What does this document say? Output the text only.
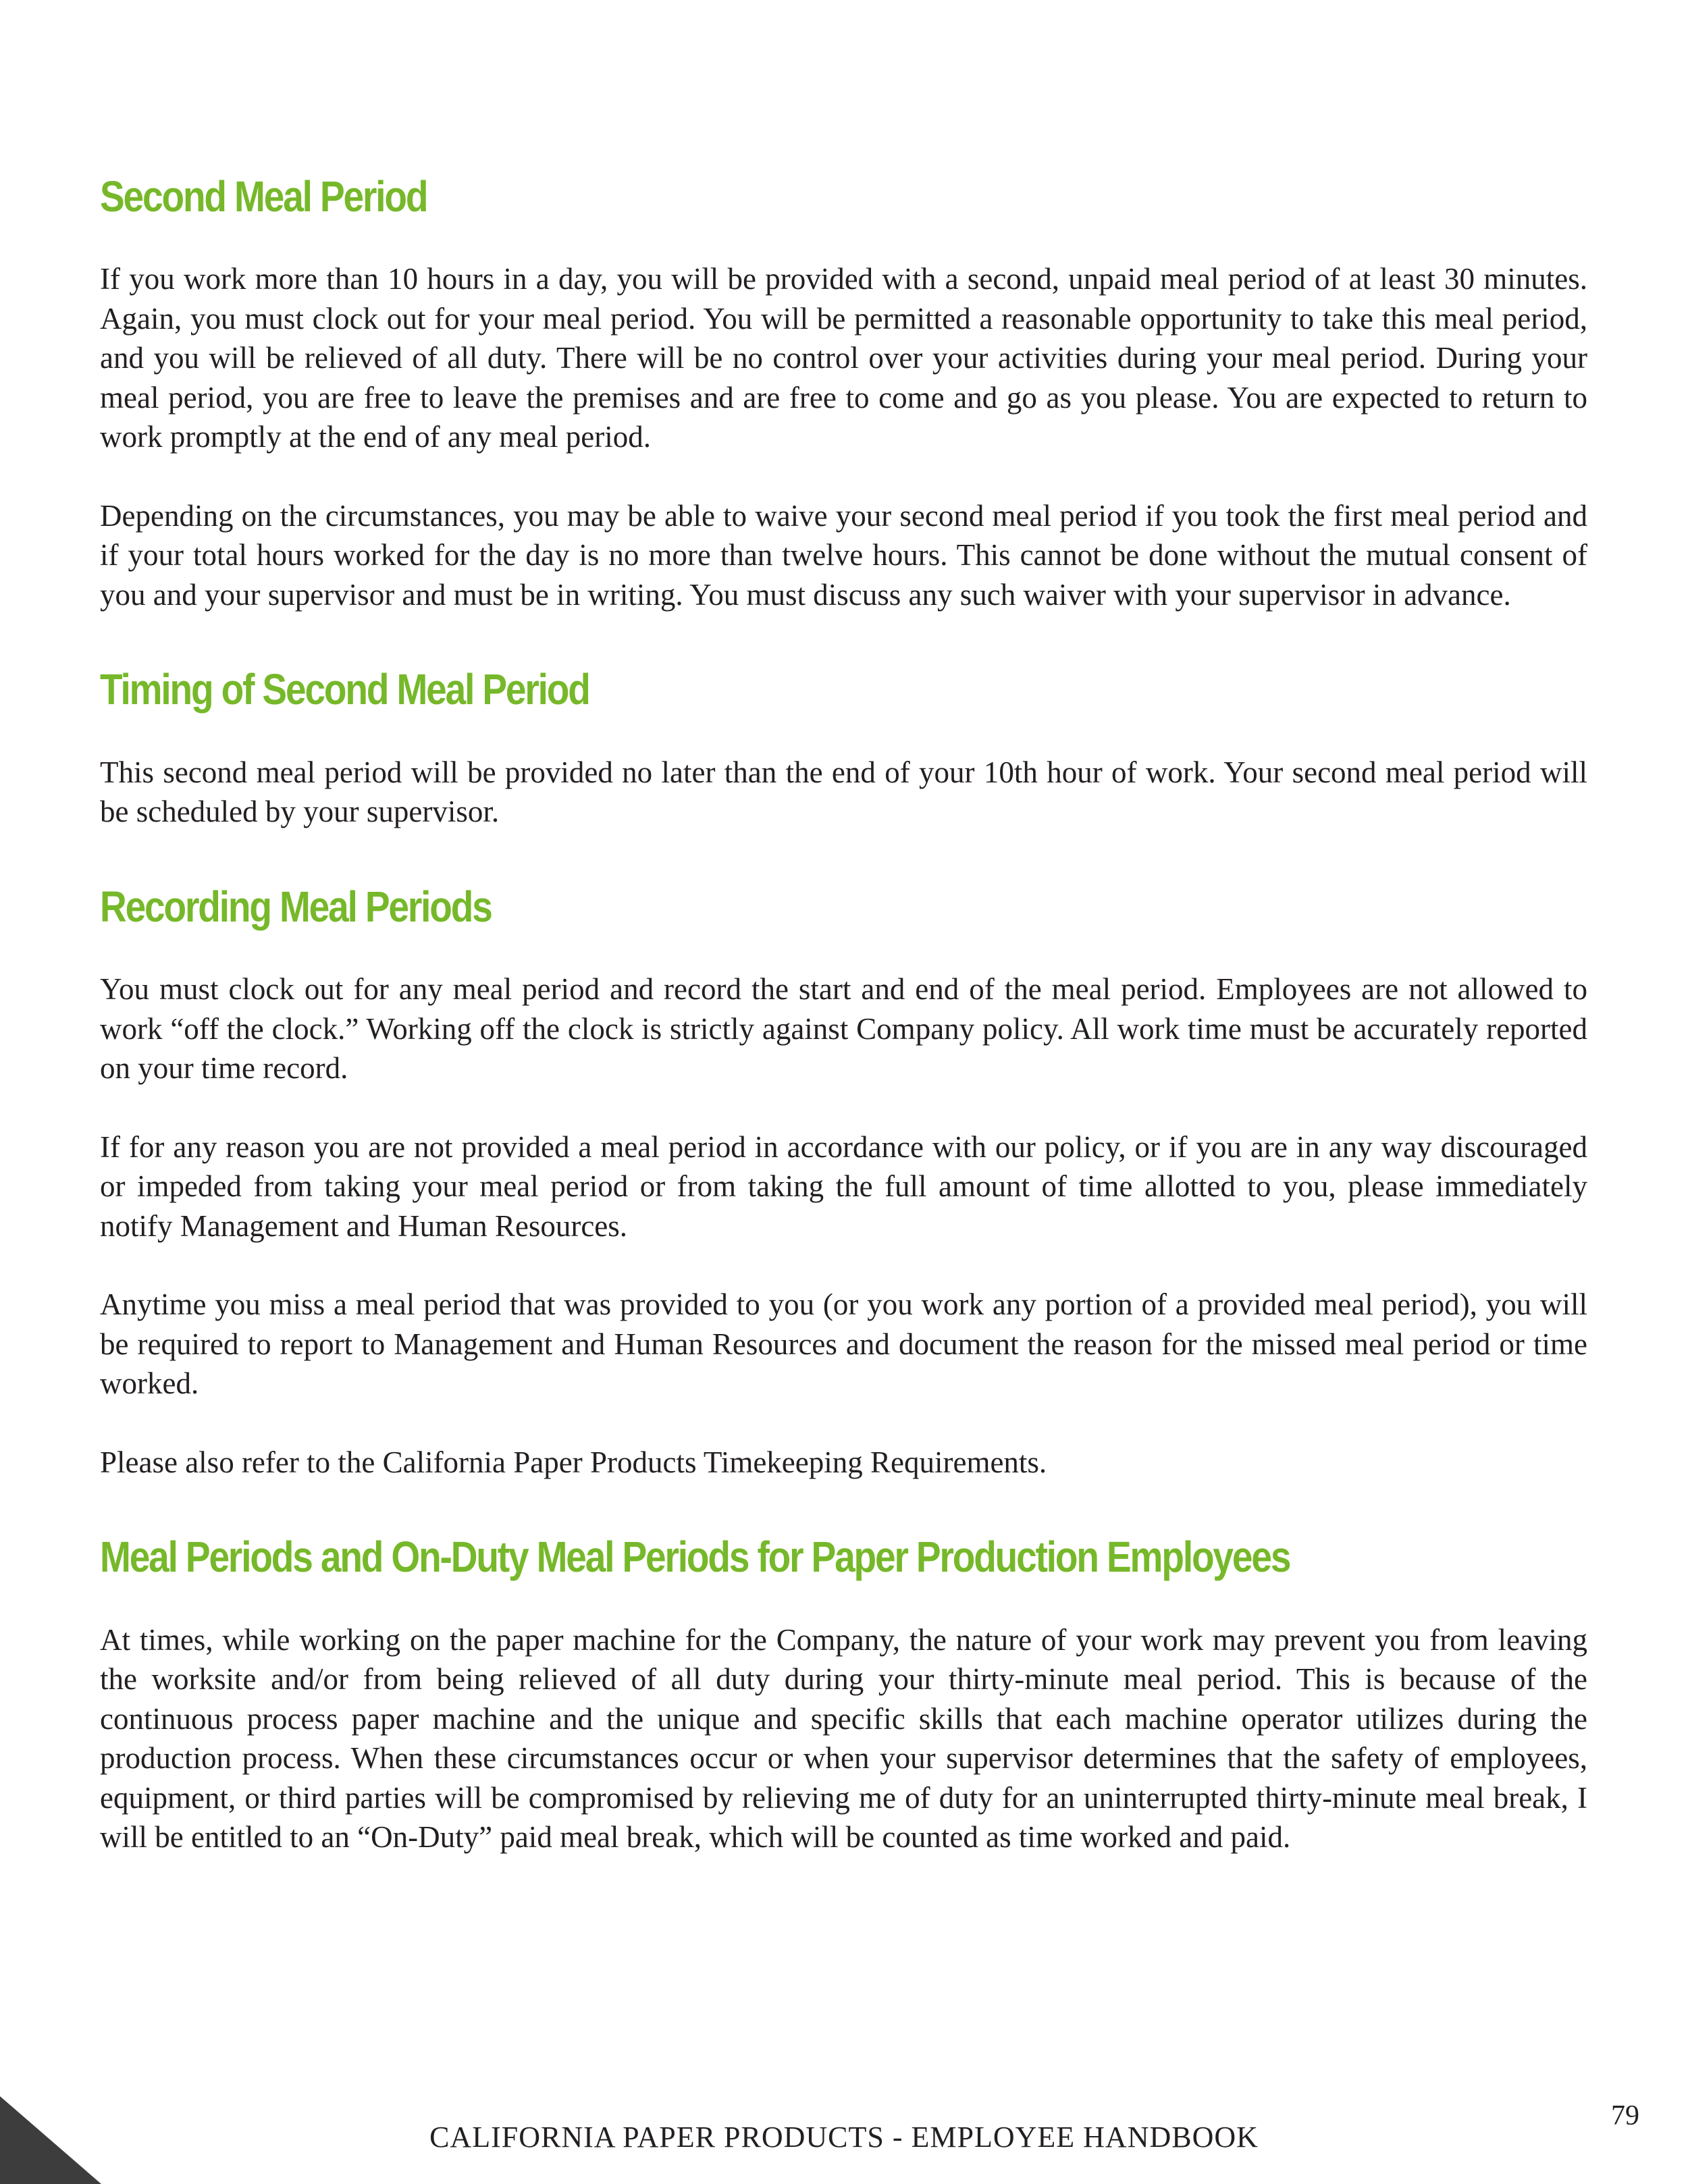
Second Meal Period

If you work more than 10 hours in a day, you will be provided with a second, unpaid meal period of at least 30 minutes. Again, you must clock out for your meal period. You will be permitted a reasonable opportunity to take this meal period, and you will be relieved of all duty. There will be no control over your activities during your meal period. During your meal period, you are free to leave the premises and are free to come and go as you please. You are expected to return to work promptly at the end of any meal period.

Depending on the circumstances, you may be able to waive your second meal period if you took the first meal period and if your total hours worked for the day is no more than twelve hours. This cannot be done without the mutual consent of you and your supervisor and must be in writing. You must discuss any such waiver with your supervisor in advance.

Timing of Second Meal Period

This second meal period will be provided no later than the end of your 10th hour of work. Your second meal period will be scheduled by your supervisor.

Recording Meal Periods

You must clock out for any meal period and record the start and end of the meal period. Employees are not allowed to work “off the clock.” Working off the clock is strictly against Company policy. All work time must be accurately reported on your time record.

If for any reason you are not provided a meal period in accordance with our policy, or if you are in any way discouraged or impeded from taking your meal period or from taking the full amount of time allotted to you, please immediately notify Management and Human Resources.

Anytime you miss a meal period that was provided to you (or you work any portion of a provided meal period), you will be required to report to Management and Human Resources and document the reason for the missed meal period or time worked.

Please also refer to the California Paper Products Timekeeping Requirements.

Meal Periods and On-Duty Meal Periods for Paper Production Employees

At times, while working on the paper machine for the Company, the nature of your work may prevent you from leaving the worksite and/or from being relieved of all duty during your thirty-minute meal period. This is because of the continuous process paper machine and the unique and specific skills that each machine operator utilizes during the production process. When these circumstances occur or when your supervisor determines that the safety of employees, equipment, or third parties will be compromised by relieving me of duty for an uninterrupted thirty-minute meal break, I will be entitled to an “On-Duty” paid meal break, which will be counted as time worked and paid.

79
CALIFORNIA PAPER PRODUCTS - EMPLOYEE HANDBOOK
